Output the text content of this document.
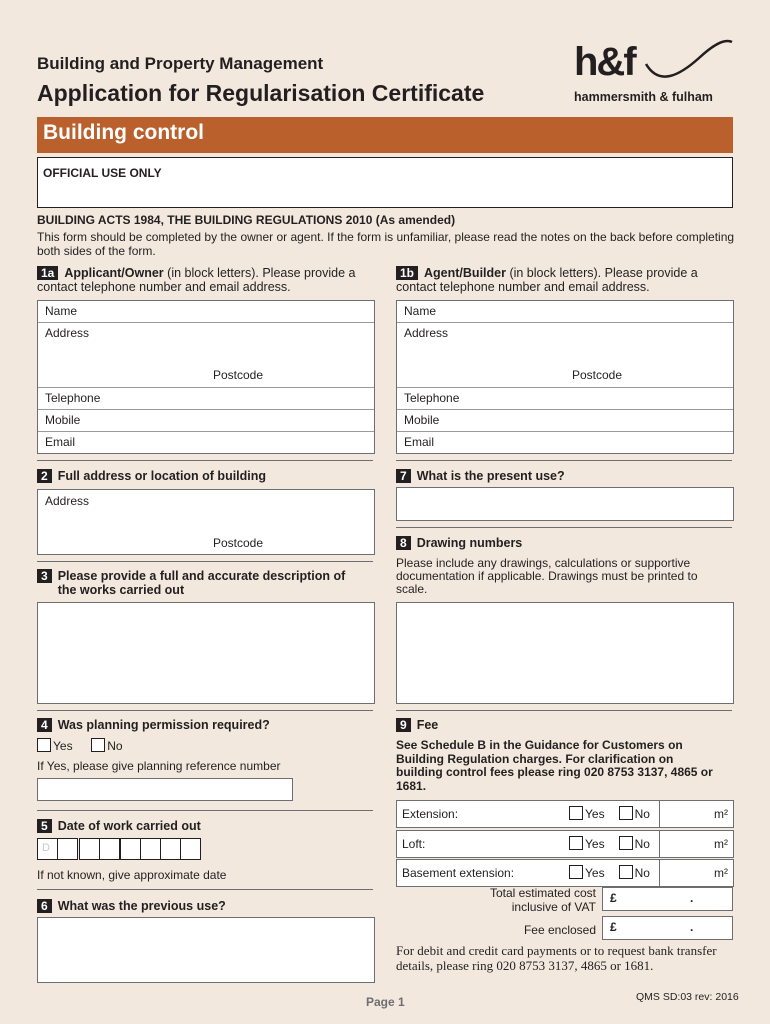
Building and Property Management
Application for Regularisation Certificate
h&f
hammersmith & fulham
Building control
OFFICIAL USE ONLY
BUILDING ACTS 1984, THE BUILDING REGULATIONS 2010 (As amended)
This form should be completed by the owner or agent. If the form is unfamiliar, please read the notes on the back before completing both sides of the form.
1a Applicant/Owner (in block letters). Please provide a contact telephone number and email address.
Name
Address
Postcode
Telephone
Mobile
Email
1b Agent/Builder (in block letters). Please provide a contact telephone number and email address.
Name
Address
Postcode
Telephone
Mobile
Email
2 Full address or location of building
Address
Postcode
3 Please provide a full and accurate description of the works carried out
4 Was planning permission required?
Yes	No
If Yes, please give planning reference number
5 Date of work carried out
D
If not known, give approximate date
6 What was the previous use?
7 What is the present use?
8 Drawing numbers
Please include any drawings, calculations or supportive documentation if applicable. Drawings must be printed to scale.
9 Fee
See Schedule B in the Guidance for Customers on Building Regulation charges. For clarification on building control fees please ring 020 8753 3137, 4865 or 1681.
Extension:	Yes	No	m²
Loft:	Yes	No	m²
Basement extension:	Yes	No	m²
Total estimated cost inclusive of VAT
£	.
Fee enclosed £	.
For debit and credit card payments or to request bank transfer details, please ring 020 8753 3137, 4865 or 1681.
Page 1	QMS SD:03 rev: 2016
